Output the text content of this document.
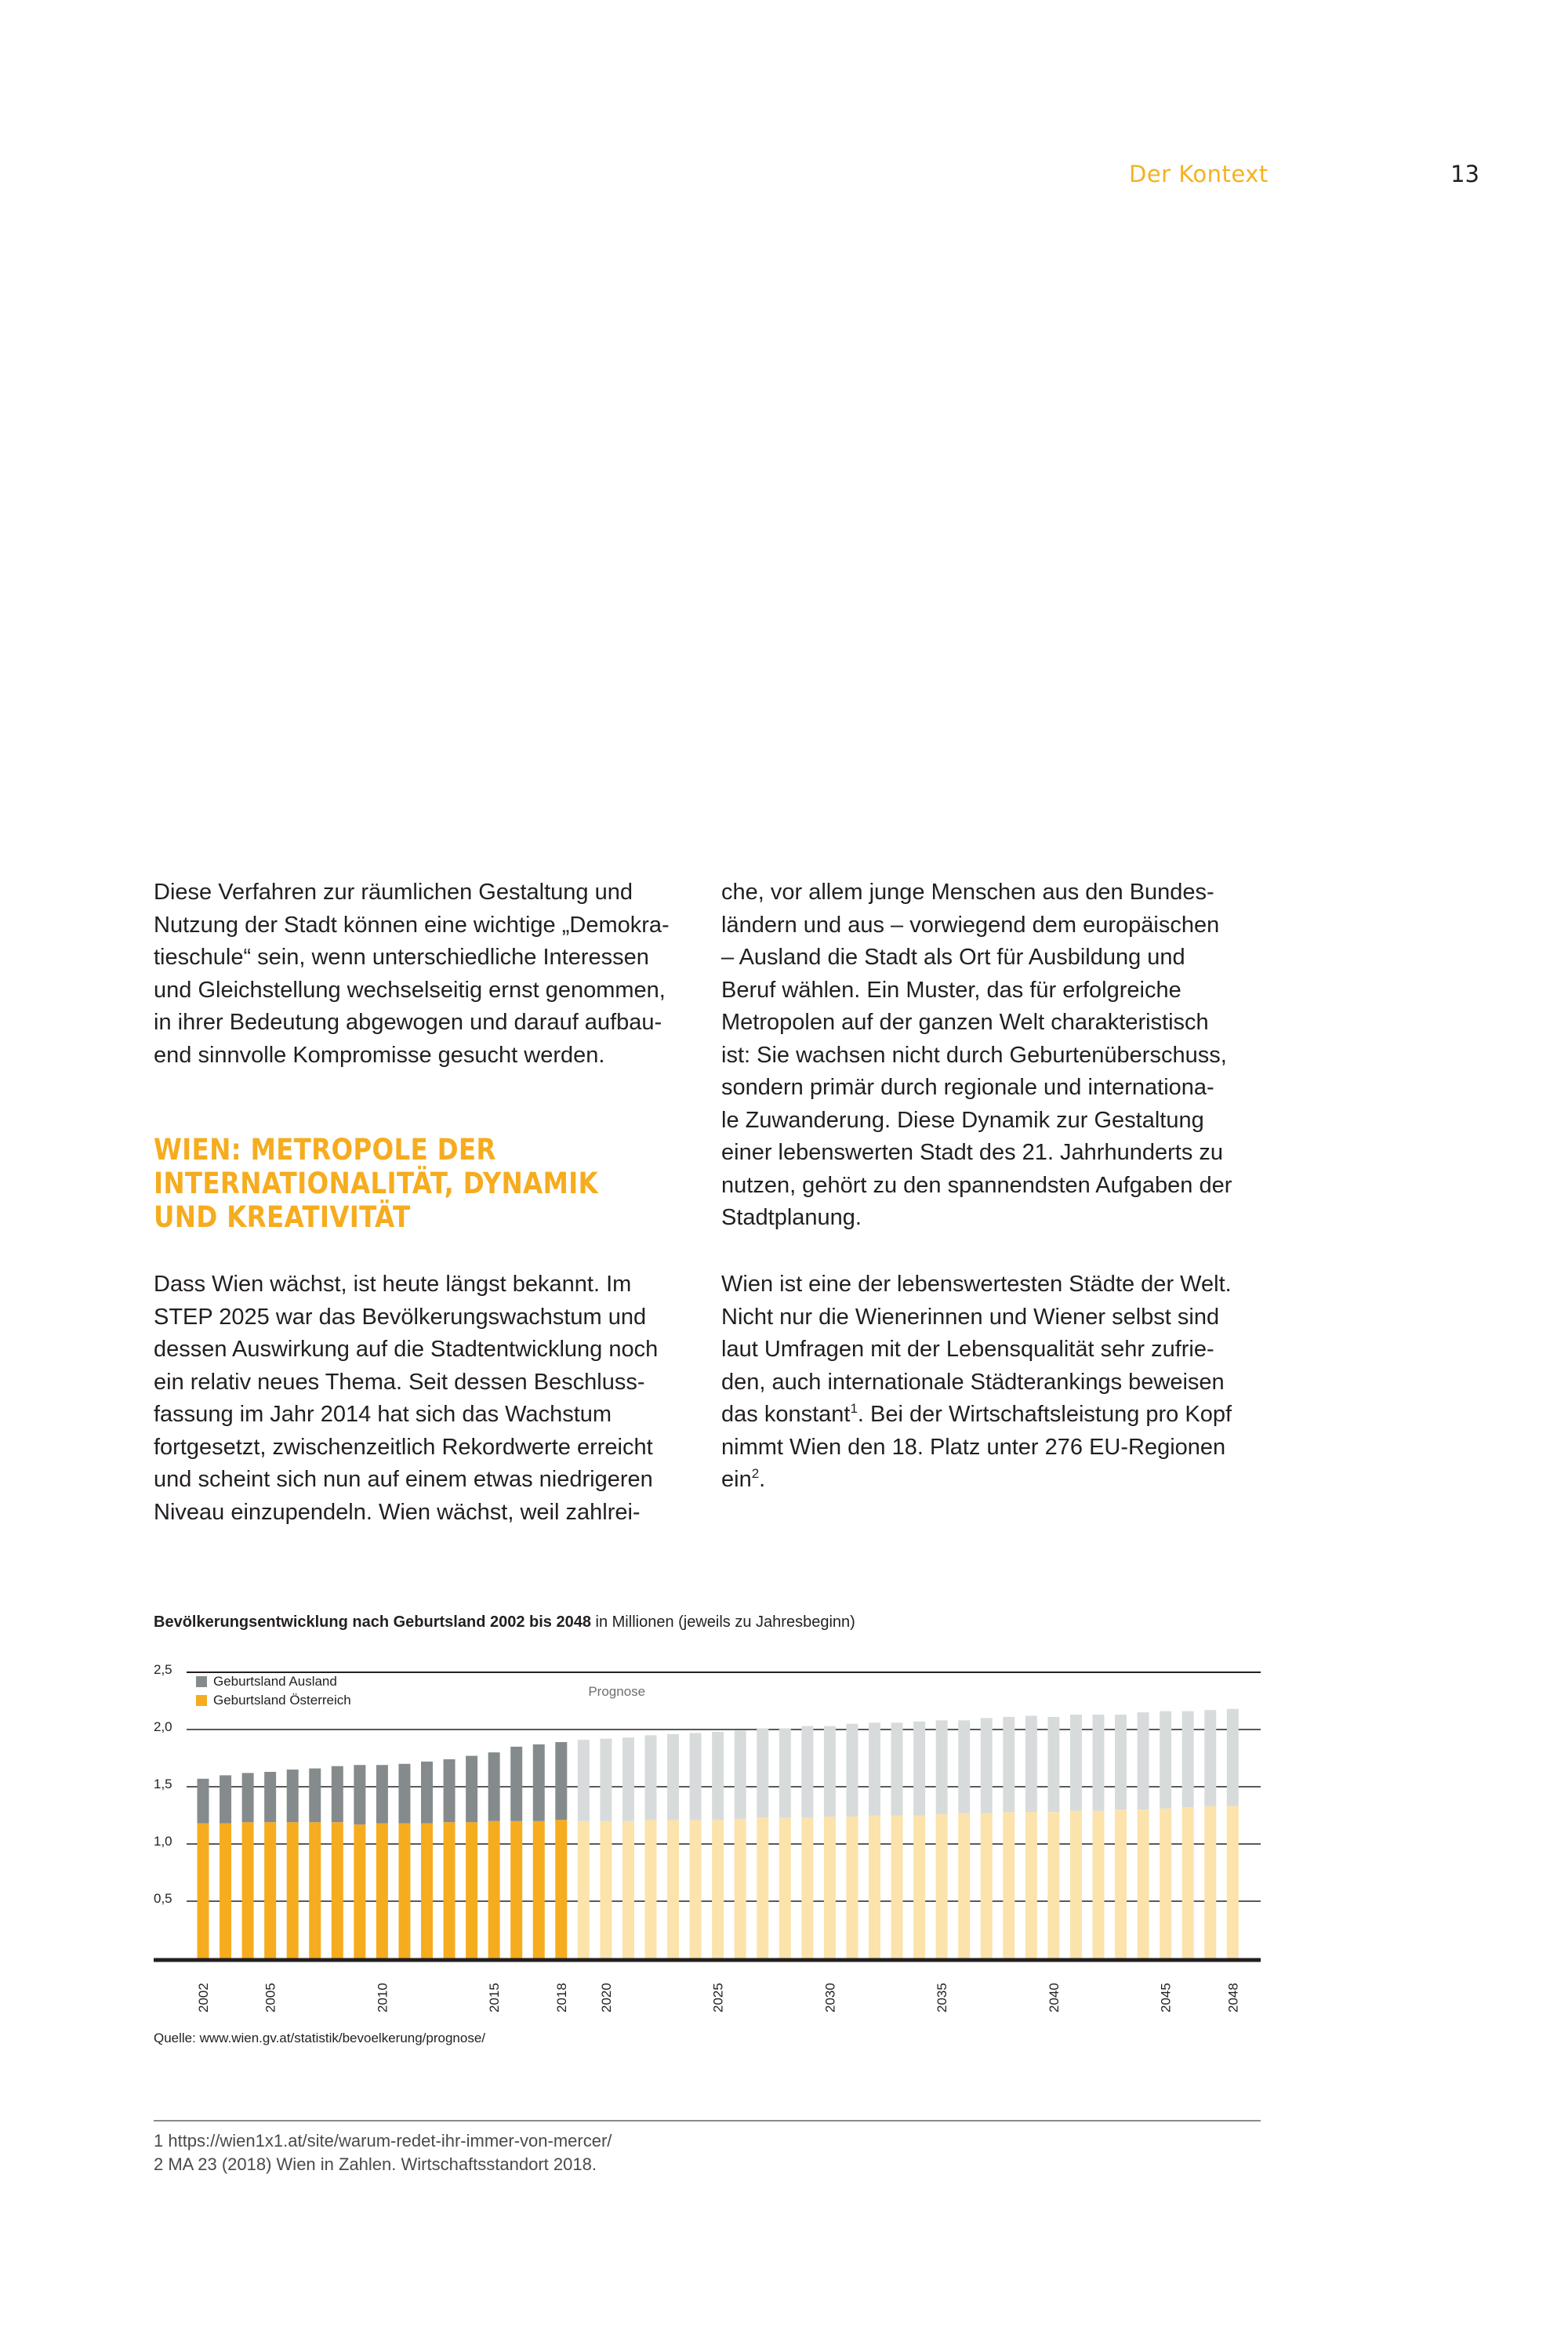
Der Kontext	13
Diese Verfahren zur räumlichen Gestaltung und
Nutzung der Stadt können eine wichtige „Demokra-
tieschule“ sein, wenn unterschiedliche Interessen
und Gleichstellung wechselseitig ernst genommen,
in ihrer Bedeutung abgewogen und darauf aufbau-
end sinnvolle Kompromisse gesucht werden.
WIEN: METROPOLE DER
INTERNATIONALITÄT, DYNAMIK
UND KREATIVITÄT
Dass Wien wächst, ist heute längst bekannt. Im
STEP 2025 war das Bevölkerungswachstum und
dessen Auswirkung auf die Stadtentwicklung noch
ein relativ neues Thema. Seit dessen Beschluss-
fassung im Jahr 2014 hat sich das Wachstum
fortgesetzt, zwischenzeitlich Rekordwerte erreicht
und scheint sich nun auf einem etwas niedrigeren
Niveau einzupendeln. Wien wächst, weil zahlrei-
che, vor allem junge Menschen aus den Bundes-
ländern und aus – vorwiegend dem europäischen
– Ausland die Stadt als Ort für Ausbildung und
Beruf wählen. Ein Muster, das für erfolgreiche
Metropolen auf der ganzen Welt charakteristisch
ist: Sie wachsen nicht durch Geburtenüberschuss,
sondern primär durch regionale und internationa-
le Zuwanderung. Diese Dynamik zur Gestaltung
einer lebenswerten Stadt des 21. Jahrhunderts zu
nutzen, gehört zu den spannendsten Aufgaben der
Stadtplanung.
Wien ist eine der lebenswertesten Städte der Welt.
Nicht nur die Wienerinnen und Wiener selbst sind
laut Umfragen mit der Lebensqualität sehr zufrie-
den, auch internationale Städterankings beweisen
das konstant$^1$. Bei der Wirtschaftsleistung pro Kopf
nimmt Wien den 18. Platz unter 276 EU-Regionen
ein$^2$.
Bevölkerungsentwicklung nach Geburtsland 2002 bis 2048 in Millionen (jeweils zu Jahresbeginn)
0,5
1,0
1,5
2,0
2,5
2002	2005	2010	2015	2018 2020	2025	2030	2035	2040	2045	2048
Geburtsland Ausland
Geburtsland Österreich
Prognose
Quelle: www.wien.gv.at/statistik/bevoelkerung/prognose/
1 https://wien1x1.at/site/warum-redet-ihr-immer-von-mercer/
2 MA 23 (2018) Wien in Zahlen. Wirtschaftsstandort 2018.
